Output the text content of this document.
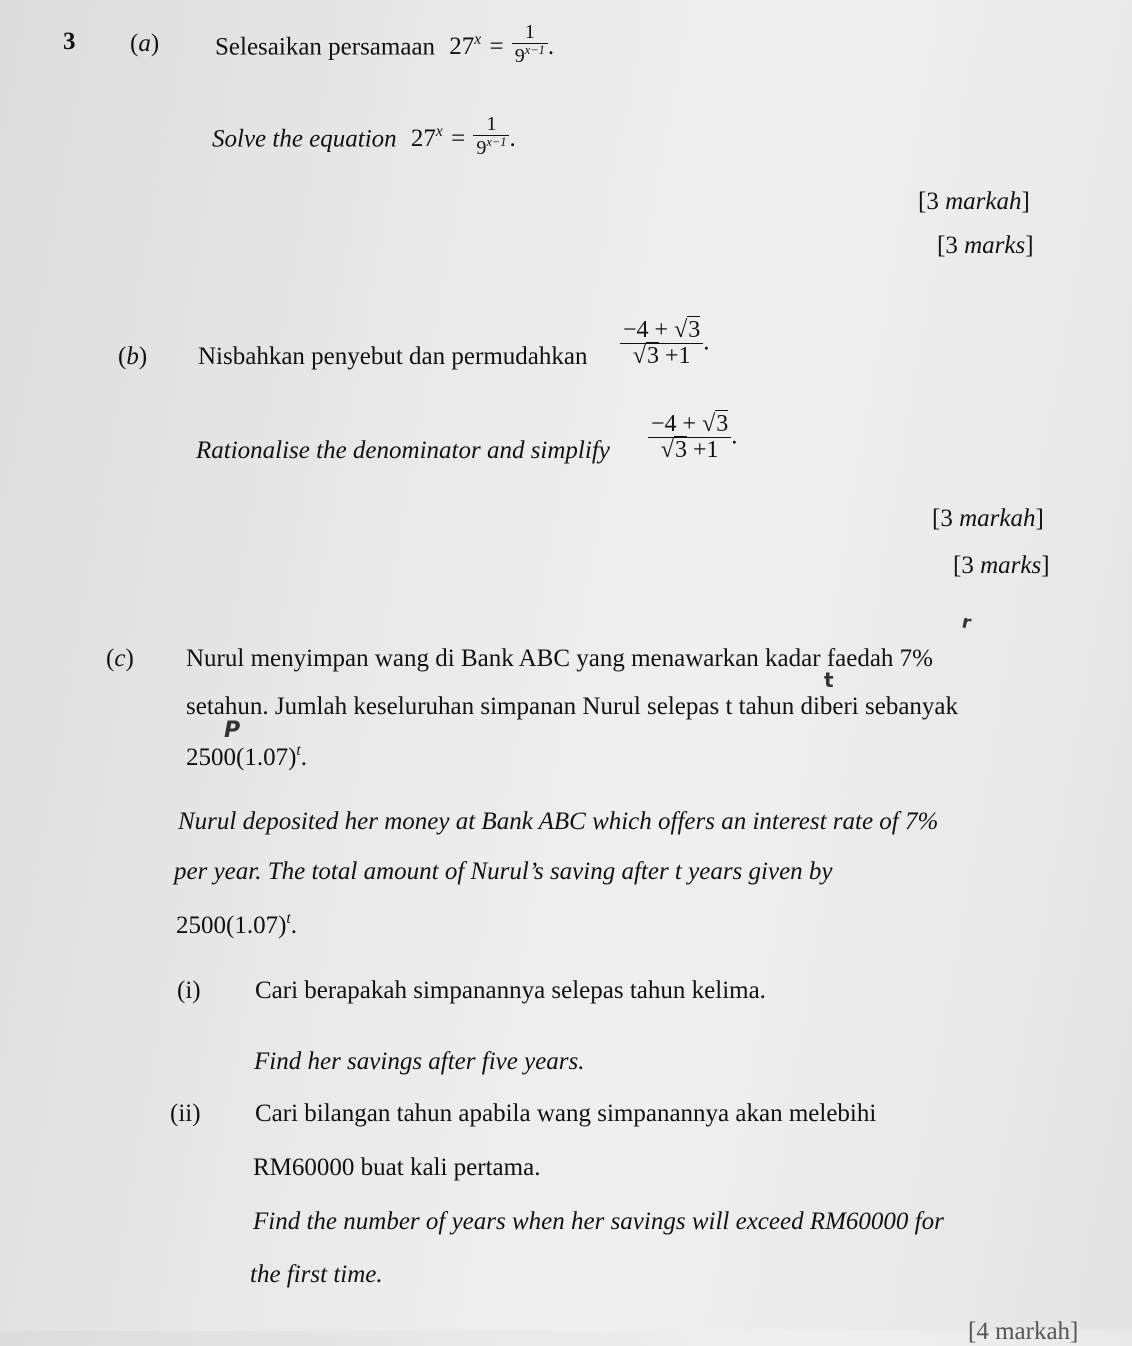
3 (a) Selesaikan persamaan $27^x = \frac{1}{9^{x-1}}$ .
Solve the equation $27^x = \frac{1}{9^{x-1}}$ .
[3 markah]
[3 marks]
(b) Nisbahkan penyebut dan permudahkan $\frac{-4 + √3}{√3 +1}$ .
Rationalise the denominator and simplify $\frac{-4 + √3}{√3 +1}$ .
[3 markah]
[3 marks]
r
t
P
(c) Nurul menyimpan wang di Bank ABC yang menawarkan kadar faedah 7%
setahun. Jumlah keseluruhan simpanan Nurul selepas t tahun diberi sebanyak
$2500(1.07)^t$.
Nurul deposited her money at Bank ABC which offers an interest rate of 7%
per year. The total amount of Nurul’s saving after t years given by
$2500(1.07)^t$.
(i) Cari berapakah simpanannya selepas tahun kelima.
Find her savings after five years.
(ii) Cari bilangan tahun apabila wang simpanannya akan melebihi
RM60000 buat kali pertama.
Find the number of years when her savings will exceed RM60000 for
the first time.
[4 markah]
